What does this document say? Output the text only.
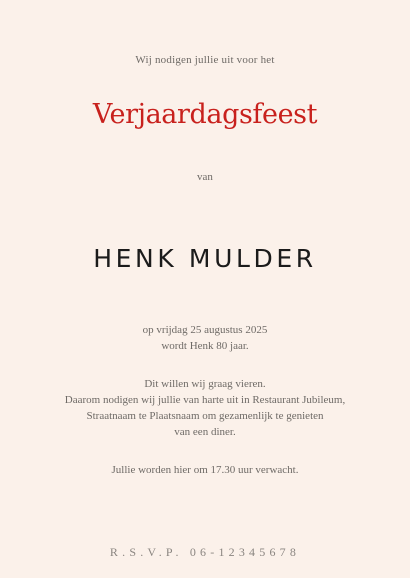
Wij nodigen jullie uit voor het
Verjaardagsfeest
van
HENK MULDER
op vrijdag 25 augustus 2025
wordt Henk 80 jaar.
Dit willen wij graag vieren.
Daarom nodigen wij jullie van harte uit in Restaurant Jubileum,
Straatnaam te Plaatsnaam om gezamenlijk te genieten
van een diner.
Jullie worden hier om 17.30 uur verwacht.
R.S.V.P. 06-12345678
